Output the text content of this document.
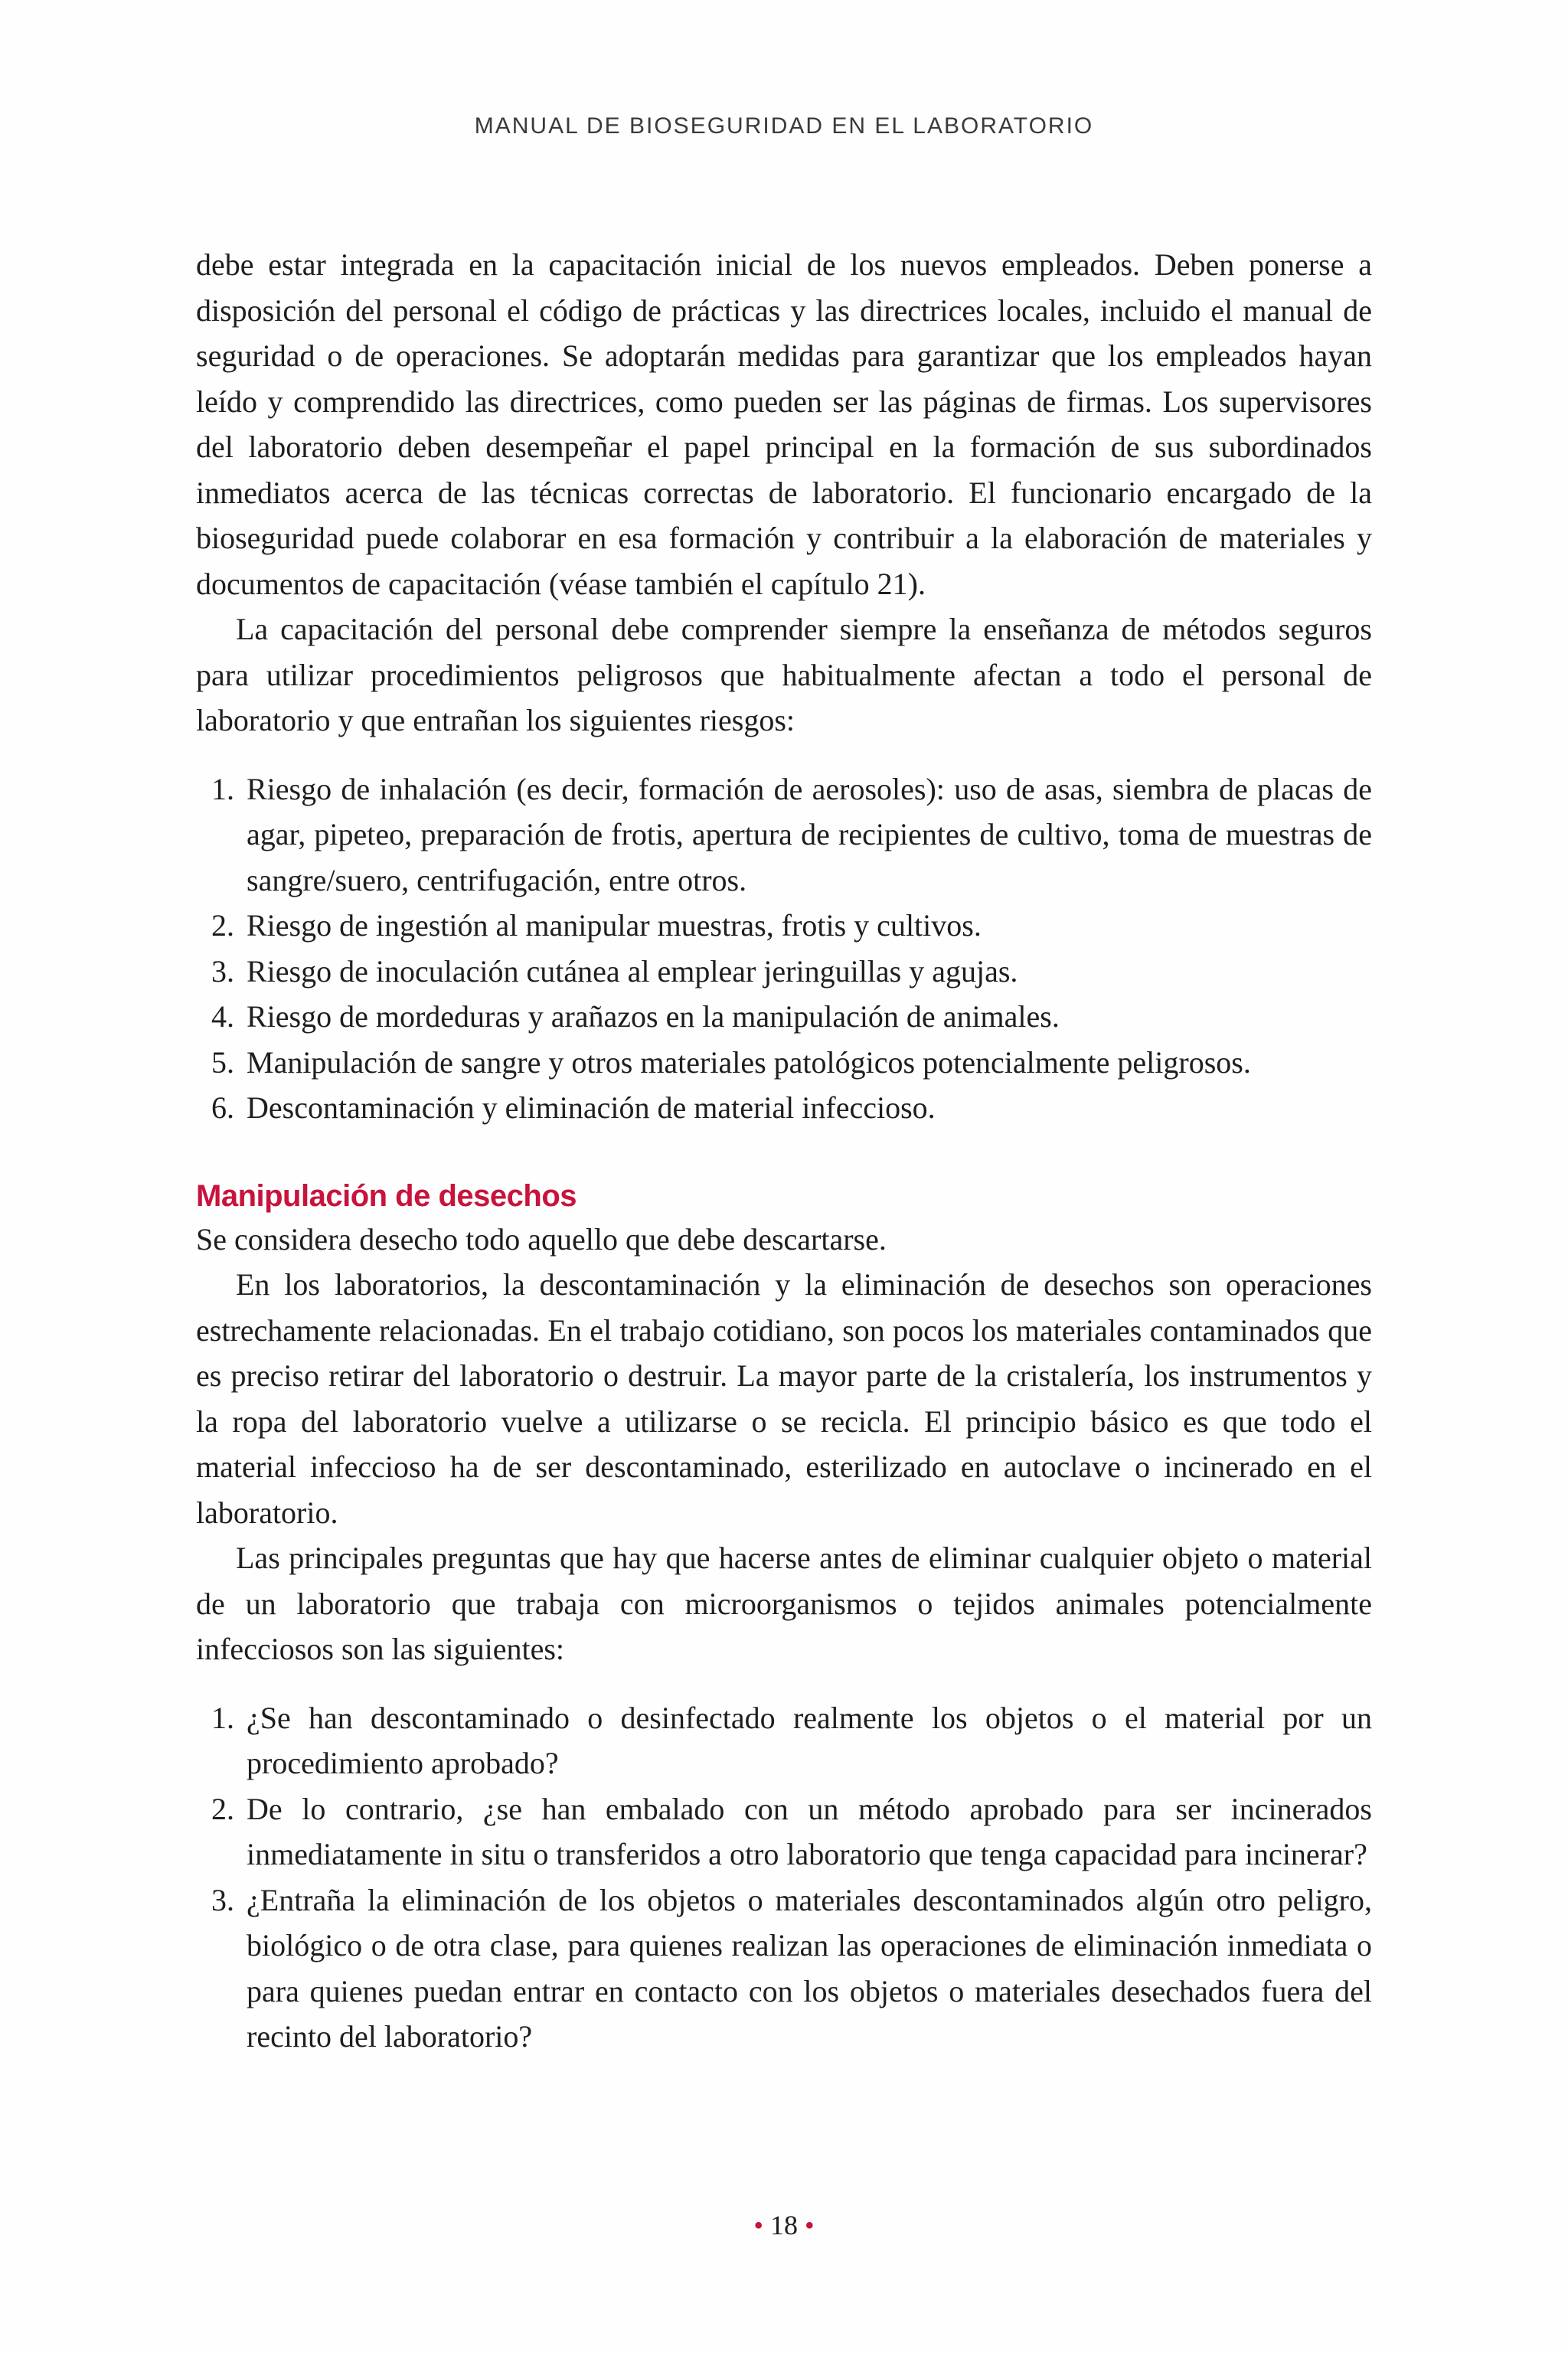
MANUAL DE BIOSEGURIDAD EN EL LABORATORIO

debe estar integrada en la capacitación inicial de los nuevos empleados. Deben ponerse a disposición del personal el código de prácticas y las directrices locales, incluido el manual de seguridad o de operaciones. Se adoptarán medidas para garantizar que los empleados hayan leído y comprendido las directrices, como pueden ser las páginas de firmas. Los supervisores del laboratorio deben desempeñar el papel principal en la formación de sus subordinados inmediatos acerca de las técnicas correctas de laboratorio. El funcionario encargado de la bioseguridad puede colaborar en esa formación y contribuir a la elaboración de materiales y documentos de capacitación (véase también el capítulo 21).

La capacitación del personal debe comprender siempre la enseñanza de métodos seguros para utilizar procedimientos peligrosos que habitualmente afectan a todo el personal de laboratorio y que entrañan los siguientes riesgos:

1. Riesgo de inhalación (es decir, formación de aerosoles): uso de asas, siembra de placas de agar, pipeteo, preparación de frotis, apertura de recipientes de cultivo, toma de muestras de sangre/suero, centrifugación, entre otros.
2. Riesgo de ingestión al manipular muestras, frotis y cultivos.
3. Riesgo de inoculación cutánea al emplear jeringuillas y agujas.
4. Riesgo de mordeduras y arañazos en la manipulación de animales.
5. Manipulación de sangre y otros materiales patológicos potencialmente peligrosos.
6. Descontaminación y eliminación de material infeccioso.
Manipulación de desechos

Se considera desecho todo aquello que debe descartarse.

En los laboratorios, la descontaminación y la eliminación de desechos son operaciones estrechamente relacionadas. En el trabajo cotidiano, son pocos los materiales contaminados que es preciso retirar del laboratorio o destruir. La mayor parte de la cristalería, los instrumentos y la ropa del laboratorio vuelve a utilizarse o se recicla. El principio básico es que todo el material infeccioso ha de ser descontaminado, esterilizado en autoclave o incinerado en el laboratorio.

Las principales preguntas que hay que hacerse antes de eliminar cualquier objeto o material de un laboratorio que trabaja con microorganismos o tejidos animales potencialmente infecciosos son las siguientes:

1. ¿Se han descontaminado o desinfectado realmente los objetos o el material por un procedimiento aprobado?
2. De lo contrario, ¿se han embalado con un método aprobado para ser incinerados inmediatamente in situ o transferidos a otro laboratorio que tenga capacidad para incinerar?
3. ¿Entraña la eliminación de los objetos o materiales descontaminados algún otro peligro, biológico o de otra clase, para quienes realizan las operaciones de eliminación inmediata o para quienes puedan entrar en contacto con los objetos o materiales desechados fuera del recinto del laboratorio?
• 18 •
